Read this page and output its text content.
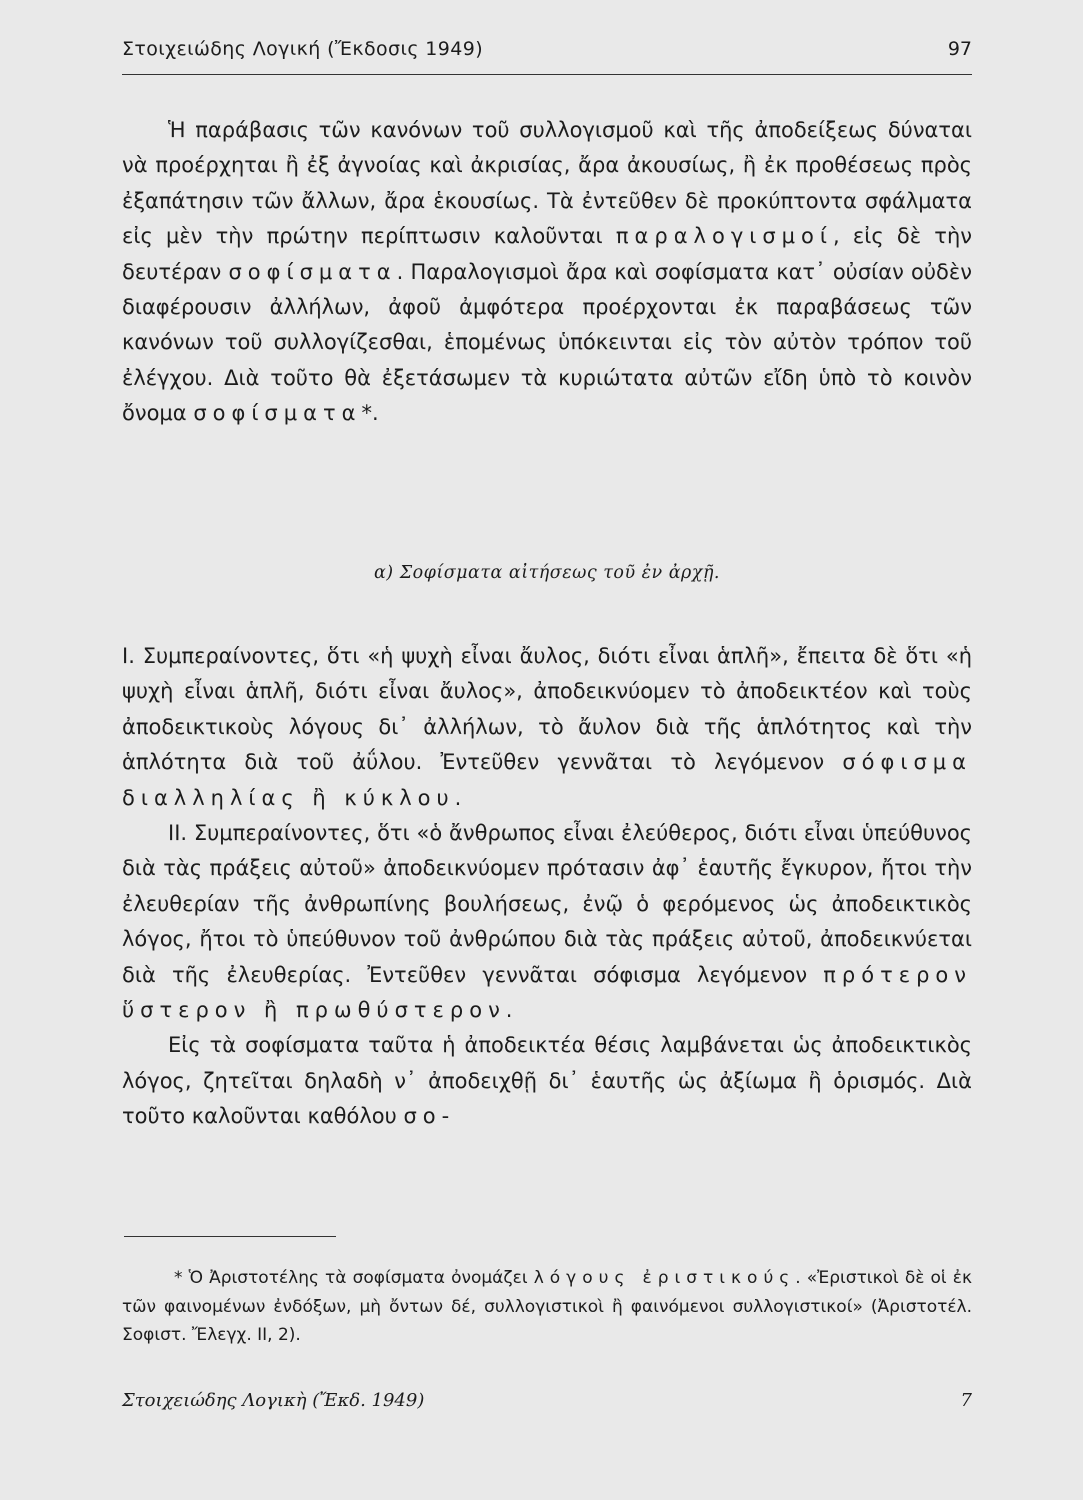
Στοιχειώδης Λογική (Ἔκδοσις 1949)	97

Ἡ παράβασις τῶν κανόνων τοῦ συλλογισμοῦ καὶ τῆς ἀποδείξεως δύναται νὰ προέρχηται ἢ ἐξ ἀγνοίας καὶ ἀκρισίας, ἄρα ἀκουσίως, ἢ ἐκ προθέσεως πρὸς ἐξαπάτησιν τῶν ἄλλων, ἄρα ἑκουσίως. Τὰ ἐντεῦθεν δὲ προκύπτοντα σφάλματα εἰς μὲν τὴν πρώτην περίπτωσιν καλοῦνται παραλογισμοί, εἰς δὲ τὴν δευτέραν σοφίσματα. Παραλογισμοὶ ἄρα καὶ σοφίσματα κατ᾽ οὐσίαν οὐδὲν διαφέρουσιν ἀλλήλων, ἀφοῦ ἀμφότερα προέρχονται ἐκ παραβάσεως τῶν κανόνων τοῦ συλλογίζεσθαι, ἑπομένως ὑπόκεινται εἰς τὸν αὐτὸν τρόπον τοῦ ἐλέγχου. Διὰ τοῦτο θὰ ἐξετάσωμεν τὰ κυριώτατα αὐτῶν εἴδη ὑπὸ τὸ κοινὸν ὄνομα σοφίσματα*.

α) Σοφίσματα αἰτήσεως τοῦ ἐν ἀρχῇ.

Ι. Συμπεραίνοντες, ὅτι «ἡ ψυχὴ εἶναι ἄυλος, διότι εἶναι ἁπλῆ», ἔπειτα δὲ ὅτι «ἡ ψυχὴ εἶναι ἁπλῆ, διότι εἶναι ἄυλος», ἀποδεικνύομεν τὸ ἀποδεικτέον καὶ τοὺς ἀποδεικτικοὺς λόγους δι᾽ ἀλλήλων, τὸ ἄυλον διὰ τῆς ἁπλότητος καὶ τὴν ἁπλότητα διὰ τοῦ ἀΰλου. Ἐντεῦθεν γεννᾶται τὸ λεγόμενον σόφισμα διαλληλίας ἢ κύκλου.

ΙΙ. Συμπεραίνοντες, ὅτι «ὁ ἄνθρωπος εἶναι ἐλεύθερος, διότι εἶναι ὑπεύθυνος διὰ τὰς πράξεις αὐτοῦ» ἀποδεικνύομεν πρότασιν ἀφ᾽ ἑαυτῆς ἔγκυρον, ἤτοι τὴν ἐλευθερίαν τῆς ἀνθρωπίνης βουλήσεως, ἐνῷ ὁ φερόμενος ὡς ἀποδεικτικὸς λόγος, ἤτοι τὸ ὑπεύθυνον τοῦ ἀνθρώπου διὰ τὰς πράξεις αὐτοῦ, ἀποδεικνύεται διὰ τῆς ἐλευθερίας. Ἐντεῦθεν γεννᾶται σόφισμα λεγόμενον πρότερον ὕστερον ἢ πρωθύστερον.

Εἰς τὰ σοφίσματα ταῦτα ἡ ἀποδεικτέα θέσις λαμβάνεται ὡς ἀποδεικτικὸς λόγος, ζητεῖται δηλαδὴ ν᾽ ἀποδειχθῇ δι᾽ ἑαυτῆς ὡς ἀξίωμα ἢ ὁρισμός. Διὰ τοῦτο καλοῦνται καθόλου σο-

* Ὁ Ἀριστοτέλης τὰ σοφίσματα ὀνομάζει λόγους ἐριστικούς. «Ἐριστικοὶ δὲ οἱ ἐκ τῶν φαινομένων ἐνδόξων, μὴ ὄντων δέ, συλλογιστικοὶ ἢ φαινόμενοι συλλογιστικοί» (Ἀριστοτέλ. Σοφιστ. Ἔλεγχ. ΙΙ, 2).

Στοιχειώδης Λογικὴ (Ἔκδ. 1949)	7
